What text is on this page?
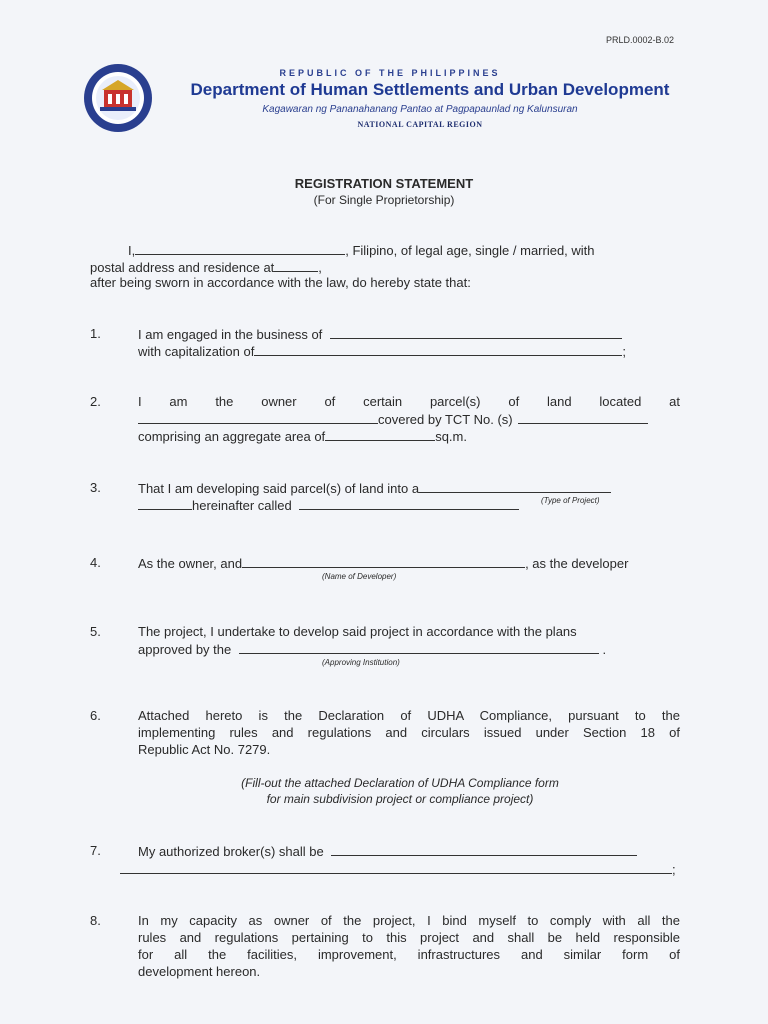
PRLD.0002-B.02
REPUBLIC OF THE PHILIPPINES
Department of Human Settlements and Urban Development
Kagawaran ng Pananahanang Pantao at Pagpapaunlad ng Kalunsuran
NATIONAL CAPITAL REGION
REGISTRATION STATEMENT
(For Single Proprietorship)
I,	, Filipino, of legal age, single / married, with
postal address and residence at	,
after being sworn in accordance with the law, do hereby state that:
1.	I am engaged in the business of
with capitalization of	;
2.	I am the owner of certain parcel(s) of land located at
covered by TCT No. (s)
comprising an aggregate area of	sq.m.
3.	That I am developing said parcel(s) of land into a
hereinafter called	(Type of Project)
4.	As the owner, and	, as the developer
(Name of Developer)
5.	The project, I undertake to develop said project in accordance with the plans
approved by the	.
(Approving Institution)
6.	Attached hereto is the Declaration of UDHA Compliance, pursuant to the
implementing rules and regulations and circulars issued under Section 18 of
Republic Act No. 7279.
(Fill-out the attached Declaration of UDHA Compliance form
for main subdivision project or compliance project)
7.	My authorized broker(s) shall be
;
8.	In my capacity as owner of the project, I bind myself to comply with all the
rules and regulations pertaining to this project and shall be held responsible
for all the facilities, improvement, infrastructures and similar form of
development hereon.
